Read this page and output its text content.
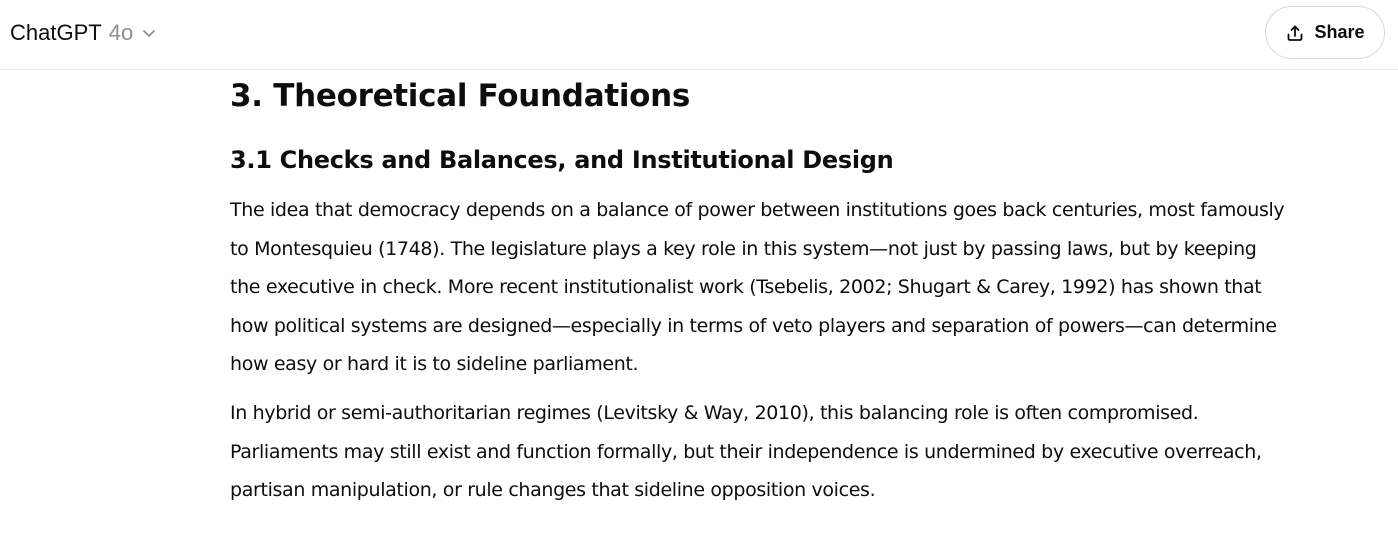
ChatGPT 4o	Share
3. Theoretical Foundations
3.1 Checks and Balances, and Institutional Design

The idea that democracy depends on a balance of power between institutions goes back centuries, most famously to Montesquieu (1748). The legislature plays a key role in this system—not just by passing laws, but by keeping the executive in check. More recent institutionalist work (Tsebelis, 2002; Shugart & Carey, 1992) has shown that how political systems are designed—especially in terms of veto players and separation of powers—can determine how easy or hard it is to sideline parliament.

In hybrid or semi-authoritarian regimes (Levitsky & Way, 2010), this balancing role is often compromised. Parliaments may still exist and function formally, but their independence is undermined by executive overreach, partisan manipulation, or rule changes that sideline opposition voices.
